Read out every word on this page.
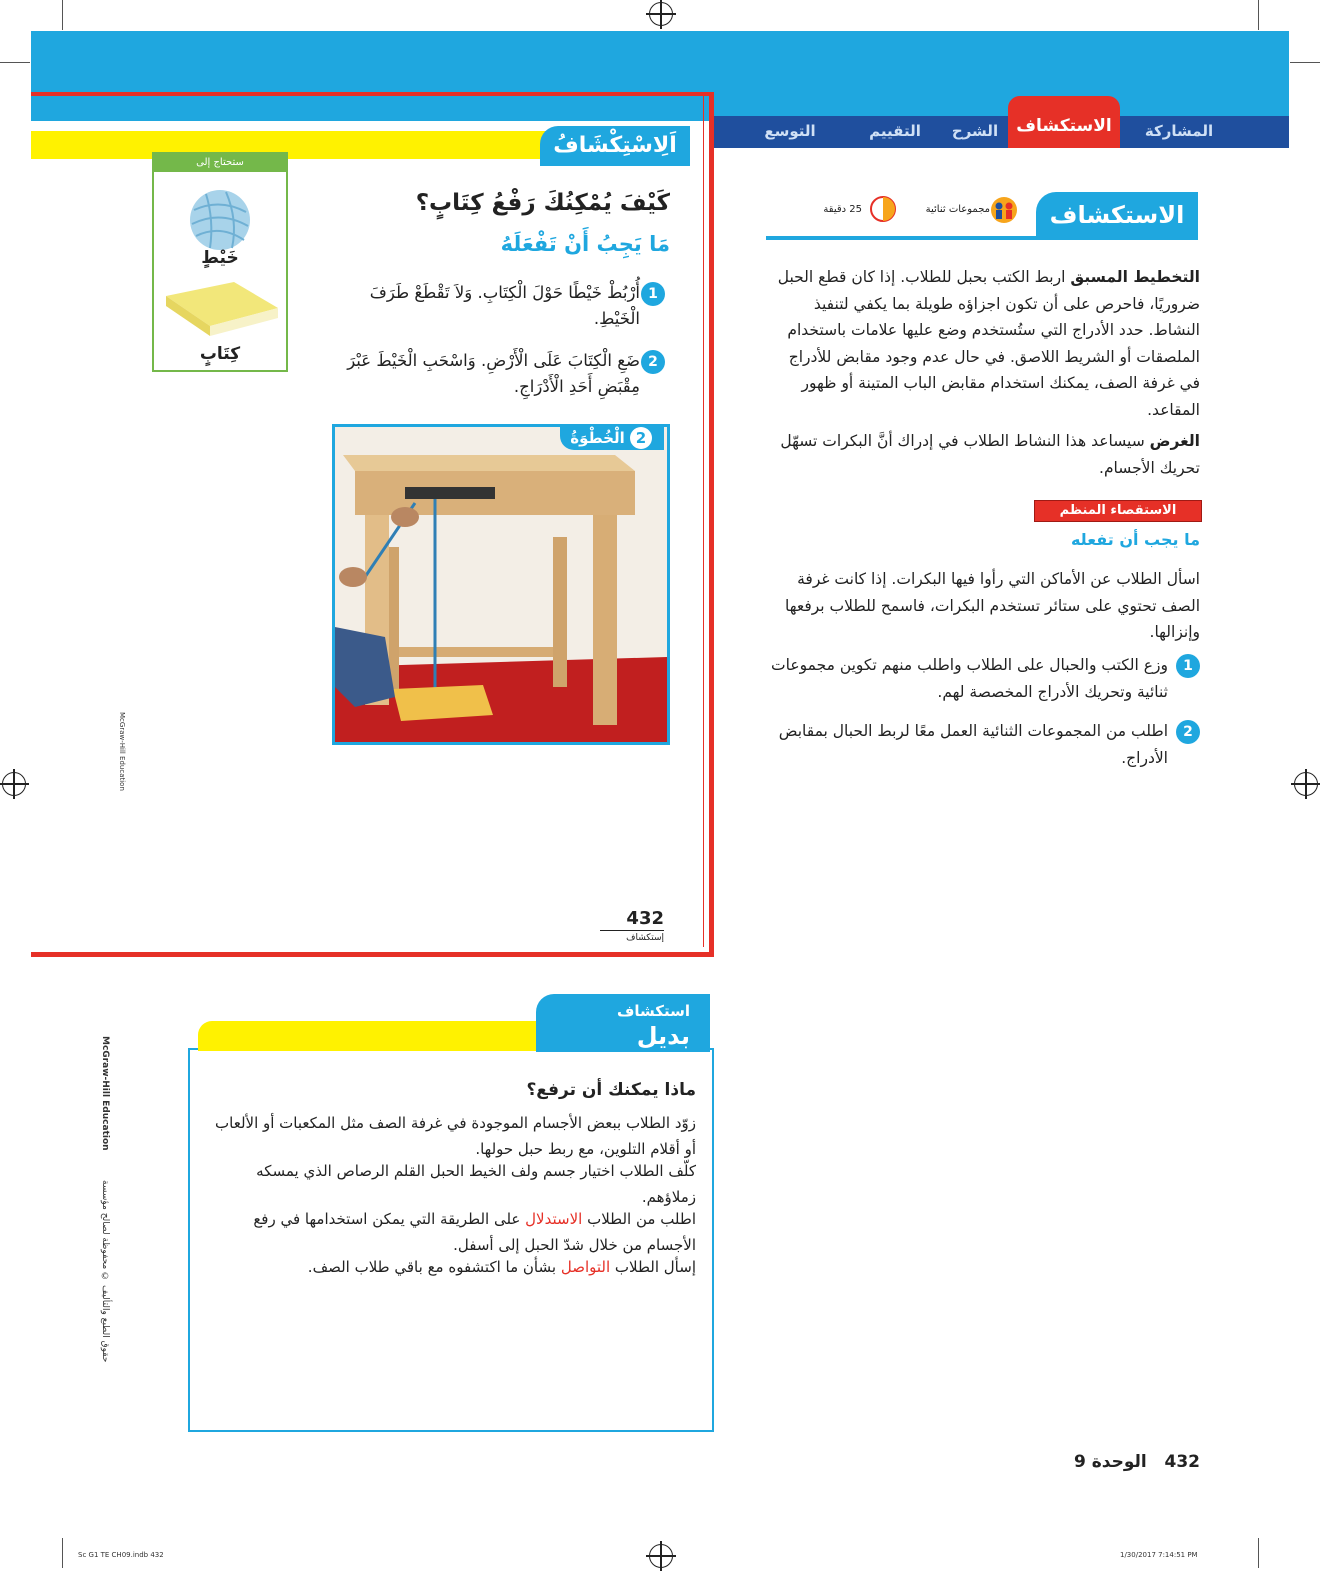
المشاركة
الاستكشاف
الشرح
التقييم
التوسع
اَلِاسْتِكْشَافُ
ستحتاج إلى
خَيْطٍ
كِتَابٍ
كَيْفَ يُمْكِنُكَ رَفْعُ كِتَابٍ؟
مَا يَجِبُ أَنْ تَفْعَلَهُ
1
أُرْبُطْ خَيْطًا حَوْلَ الْكِتَابِ. وَلاَ تَقْطَعْ طَرَفَ الْخَيْطِ.
2
ضَعِ الْكِتَابَ عَلَى الْأَرْضِ. وَاسْحَبِ الْخَيْطَ عَبْرَ مِقْبَضِ أَحَدِ الْأَدْرَاجِ.
الْخُطْوَةُ 2
McGraw-Hill Education
432
إستكشاف
الاستكشاف
مجموعات ثنائية
25 دقيقة
التخطيط المسبق اربط الكتب بحبل للطلاب. إذا كان قطع الحبل ضروريًا، فاحرص على أن تكون اجزاؤه طويلة بما يكفي لتنفيذ النشاط. حدد الأدراج التي ستُستخدم وضع عليها علامات باستخدام الملصقات أو الشريط اللاصق. في حال عدم وجود مقابض للأدراج في غرفة الصف، يمكنك استخدام مقابض الباب المتينة أو ظهور المقاعد.
الغرض سيساعد هذا النشاط الطلاب في إدراك أنَّ البكرات تسهّل تحريك الأجسام.
الاستقصاء المنظم
ما يجب أن تفعله
اسأل الطلاب عن الأماكن التي رأوا فيها البكرات. إذا كانت غرفة الصف تحتوي على ستائر تستخدم البكرات، فاسمح للطلاب برفعها وإنزالها.
1
وزع الكتب والحبال على الطلاب واطلب منهم تكوين مجموعات ثنائية وتحريك الأدراج المخصصة لهم.
2
اطلب من المجموعات الثنائية العمل معًا لربط الحبال بمقابض الأدراج.
استكشاف
بديل
ماذا يمكنك أن ترفع؟
زوّد الطلاب ببعض الأجسام الموجودة في غرفة الصف مثل المكعبات أو الألعاب أو أقلام التلوين، مع ربط حبل حولها.
كلّف الطلاب اختيار جسم ولف الخيط الحبل القلم الرصاص الذي يمسكه زملاؤهم.
اطلب من الطلاب الاستدلال على الطريقة التي يمكن استخدامها في رفع الأجسام من خلال شدّ الحبل إلى أسفل.
إسأل الطلاب التواصل بشأن ما اكتشفوه مع باقي طلاب الصف.
McGraw-Hill Education
حقوق الطبع والتأليف © محفوظة لصالح مؤسسة
432   الوحدة 9
Sc G1 TE CH09.indb 432	1/30/2017 7:14:51 PM
